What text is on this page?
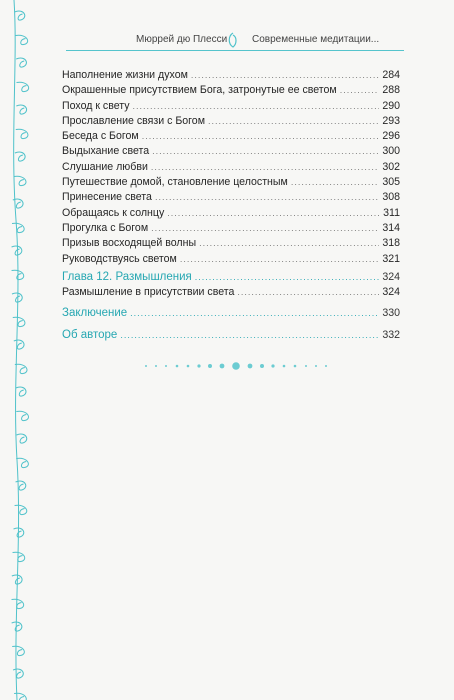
Мюррей дю Плесси Современные медитации...
Наполнение жизни духом .....	284
Окрашенные присутствием Бога, затронутые ее светом .....	288
Поход к свету .....	290
Прославление связи с Богом .....	293
Беседа с Богом .....	296
Выдыхание света .....	300
Слушание любви .....	302
Путешествие домой, становление целостным .....	305
Принесение света .....	308
Обращаясь к солнцу .....	311
Прогулка с Богом .....	314
Призыв восходящей волны .....	318
Руководствуясь светом .....	321
Глава 12. Размышления .....	324
Размышление в присутствии света .....	324
Заключение .....	330
Об авторе .....	332
